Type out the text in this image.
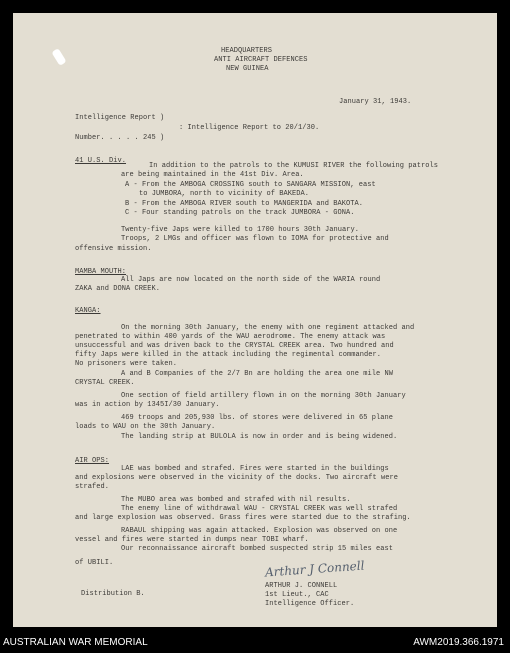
HEADQUARTERS
ANTI AIRCRAFT DEFENCES
NEW GUINEA
January 31, 1943.
Intelligence Report )
: Intelligence Report to 20/1/30.
Number. . . . . 245 )
41 U.S. Div.
In addition to the patrols to the KUMUSI RIVER the following patrols
are being maintained in the 41st Div. Area.
A - From the AMBOGA CROSSING south to SANGARA MISSION, east
to JUMBORA, north to vicinity of BAKEDA.
B - From the AMBOGA RIVER south to MANGERIDA and BAKOTA.
C - Four standing patrols on the track JUMBORA - GONA.
Twenty-five Japs were killed to 1700 hours 30th January.
Troops, 2 LMGs and officer was flown to IOMA for protective and
offensive mission.
MAMBA MOUTH:
All Japs are now located on the north side of the WARIA round
ZAKA and DONA CREEK.
KANGA:
On the morning 30th January, the enemy with one regiment attacked and
penetrated to within 400 yards of the WAU aerodrome. The enemy attack was
unsuccessful and was driven back to the CRYSTAL CREEK area. Two hundred and
fifty Japs were killed in the attack including the regimental commander.
No prisoners were taken.
A and B Companies of the 2/7 Bn are holding the area one mile NW
CRYSTAL CREEK.
One section of field artillery flown in on the morning 30th January
was in action by 1345I/30 January.
469 troops and 205,930 lbs. of stores were delivered in 65 plane
loads to WAU on the 30th January.
The landing strip at BULOLA is now in order and is being widened.
AIR OPS:
LAE was bombed and strafed. Fires were started in the buildings
and explosions were observed in the vicinity of the docks. Two aircraft were
strafed.
The MUBO area was bombed and strafed with nil results.
The enemy line of withdrawal WAU - CRYSTAL CREEK was well strafed
and large explosion was observed. Grass fires were started due to the strafing.
RABAUL shipping was again attacked. Explosion was observed on one
vessel and fires were started in dumps near TOBI wharf.
Our reconnaissance aircraft bombed suspected strip 15 miles east
of UBILI.	Arthur J Connell
ARTHUR J. CONNELL
1st Lieut., CAC
Intelligence Officer.
Distribution B.
AUSTRALIAN WAR MEMORIAL	AWM2019.366.1971
